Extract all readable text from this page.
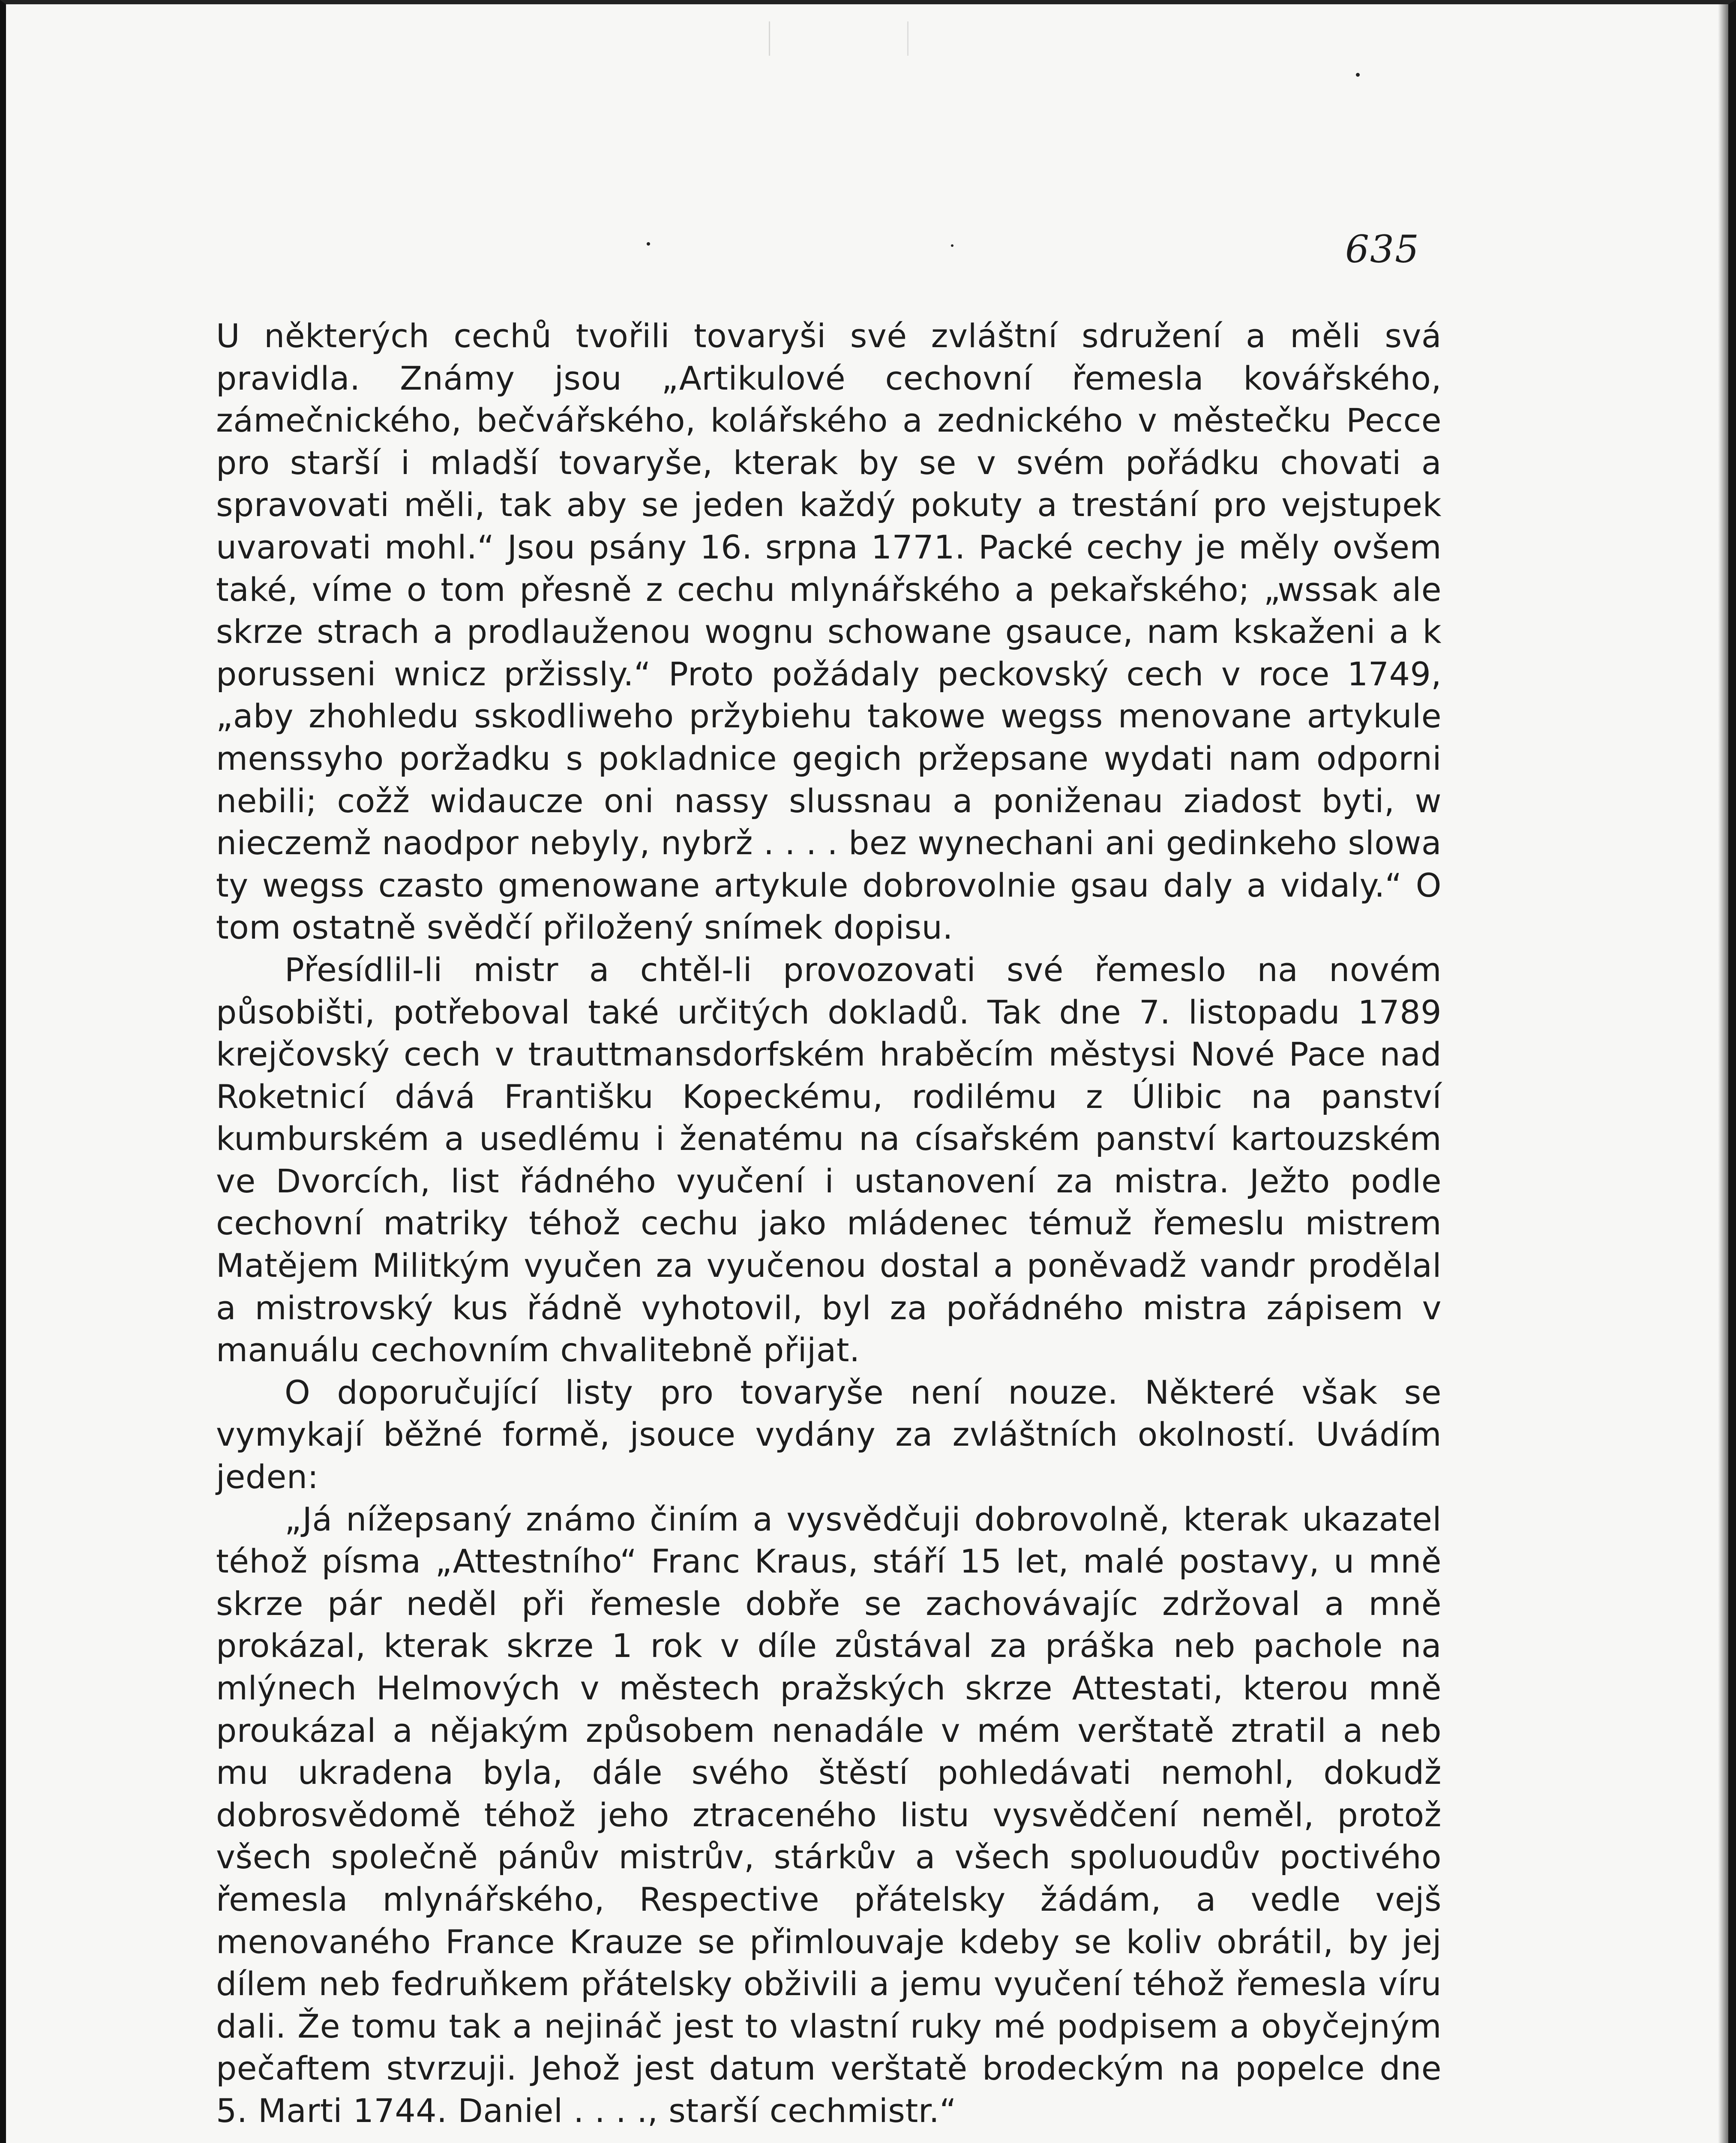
635

U některých cechů tvořili tovaryši své zvláštní sdružení a měli svá pravidla. Známy jsou „Artikulové cechovní řemesla kovářského, zámečnického, bečvářského, kolářského a zednického v městečku Pecce pro starší i mladší tovaryše, kterak by se v svém pořádku chovati a spravovati měli, tak aby se jeden každý pokuty a trestání pro vejstupek uvarovati mohl.“ Jsou psány 16. srpna 1771. Packé cechy je měly ovšem také, víme o tom přesně z cechu mlynářského a pekařského; „wssak ale skrze strach a prodlauženou wognu schowane gsauce, nam kskaženi a k porusseni wnicz pržissly.“ Proto požádaly peckovský cech v roce 1749, „aby zhohledu sskodliweho pržybiehu takowe wegss menovane artykule menssyho poržadku s pokladnice gegich pržepsane wydati nam odporni nebili; cožž widaucze oni nassy slussnau a poniženau ziadost byti, w nieczemž naodpor nebyly, nybrž . . . . bez wynechani ani gedinkeho slowa ty wegss czasto gmenowane artykule dobrovolnie gsau daly a vidaly.“ O tom ostatně svědčí přiložený snímek dopisu.

Přesídlil-li mistr a chtěl-li provozovati své řemeslo na novém působišti, potřeboval také určitých dokladů. Tak dne 7. listopadu 1789 krejčovský cech v trauttmansdorfském hraběcím městysi Nové Pace nad Roketnicí dává Františku Kopeckému, rodilému z Úlibic na panství kumburském a usedlému i ženatému na císařském panství kartouzském ve Dvorcích, list řádného vyučení i ustanovení za mistra. Ježto podle cechovní matriky téhož cechu jako mládenec témuž řemeslu mistrem Matějem Militkým vyučen za vyučenou dostal a poněvadž vandr prodělal a mistrovský kus řádně vyhotovil, byl za pořádného mistra zápisem v manuálu cechovním chvalitebně přijat.

O doporučující listy pro tovaryše není nouze. Některé však se vymykají běžné formě, jsouce vydány za zvláštních okolností. Uvádím jeden:

„Já nížepsaný známo činím a vysvědčuji dobrovolně, kterak ukazatel téhož písma „Attestního“ Franc Kraus, stáří 15 let, malé postavy, u mně skrze pár neděl při řemesle dobře se zachovávajíc zdržoval a mně prokázal, kterak skrze 1 rok v díle zůstával za práška neb pachole na mlýnech Helmových v městech pražských skrze Attestati, kterou mně proukázal a nějakým způsobem nenadále v mém verštatě ztratil a neb mu ukradena byla, dále svého štěstí pohledávati nemohl, dokudž dobrosvědomě téhož jeho ztraceného listu vysvědčení neměl, protož všech společně pánův mistrův, stárkův a všech spoluoudův poctivého řemesla mlynářského, Respective přátelsky žádám, a vedle vejš menovaného France Krauze se přimlouvaje kdeby se koliv obrátil, by jej dílem neb fedruňkem přátelsky obživili a jemu vyučení téhož řemesla víru dali. Že tomu tak a nejináč jest to vlastní ruky mé podpisem a obyčejným pečaftem stvrzuji. Jehož jest datum verštatě brodeckým na popelce dne 5. Marti 1744. Daniel . . . ., starší cechmistr.“
